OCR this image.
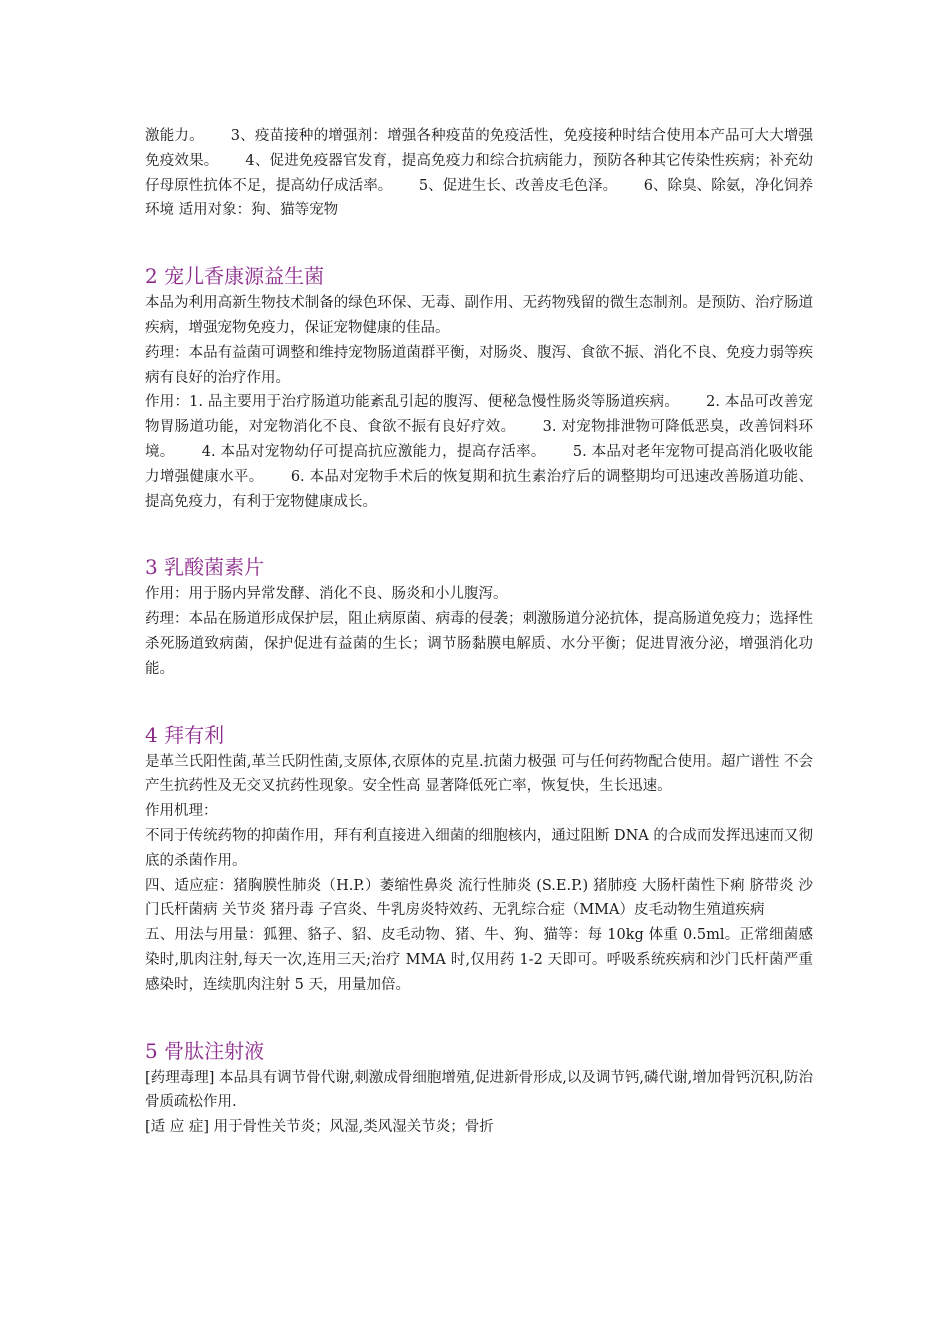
激能力。　　 3、疫苗接种的增强剂：增强各种疫苗的免疫活性，免疫接种时结合使用本产品可大大增强免疫效果。　　 4、促进免疫器官发育，提高免疫力和综合抗病能力，预防各种其它传染性疾病；补充幼仔母原性抗体不足，提高幼仔成活率。　　 5、促进生长、改善皮毛色泽。　　 6、除臭、除氨，净化饲养环境 适用对象：狗、猫等宠物

2 宠儿香康源益生菌

本品为利用高新生物技术制备的绿色环保、无毒、副作用、无药物残留的微生态制剂。是预防、治疗肠道疾病，增强宠物免疫力，保证宠物健康的佳品。

药理：本品有益菌可调整和维持宠物肠道菌群平衡，对肠炎、腹泻、食欲不振、消化不良、免疫力弱等疾病有良好的治疗作用。

作用：1. 品主要用于治疗肠道功能紊乱引起的腹泻、便秘急慢性肠炎等肠道疾病。　　 2. 本品可改善宠物胃肠道功能，对宠物消化不良、食欲不振有良好疗效。　　 3. 对宠物排泄物可降低恶臭，改善饲料环境。　　 4. 本品对宠物幼仔可提高抗应激能力，提高存活率。　　 5. 本品对老年宠物可提高消化吸收能力增强健康水平。　　 6. 本品对宠物手术后的恢复期和抗生素治疗后的调整期均可迅速改善肠道功能、提高免疫力，有利于宠物健康成长。

3 乳酸菌素片

作用：用于肠内异常发酵、消化不良、肠炎和小儿腹泻。

药理：本品在肠道形成保护层，阻止病原菌、病毒的侵袭；刺激肠道分泌抗体，提高肠道免疫力；选择性杀死肠道致病菌，保护促进有益菌的生长；调节肠黏膜电解质、水分平衡；促进胃液分泌，增强消化功能。

4 拜有利

是革兰氏阳性菌,革兰氏阴性菌,支原体,衣原体的克星.抗菌力极强 可与任何药物配合使用。超广谱性 不会产生抗药性及无交叉抗药性现象。安全性高 显著降低死亡率，恢复快，生长迅速。

作用机理：

不同于传统药物的抑菌作用，拜有利直接进入细菌的细胞核内，通过阻断 DNA 的合成而发挥迅速而又彻底的杀菌作用。

四、适应症：猪胸膜性肺炎（H.P.）萎缩性鼻炎 流行性肺炎 (S.E.P.) 猪肺疫 大肠杆菌性下痢 脐带炎 沙门氏杆菌病 关节炎 猪丹毒 子宫炎、牛乳房炎特效药、无乳综合症（MMA）皮毛动物生殖道疾病

五、用法与用量：狐狸、貉子、貂、皮毛动物、猪、牛、狗、猫等：每 10kg 体重 0.5ml。正常细菌感染时,肌肉注射,每天一次,连用三天;治疗 MMA 时,仅用药 1-2 天即可。呼吸系统疾病和沙门氏杆菌严重感染时，连续肌肉注射 5 天，用量加倍。

5 骨肽注射液

[药理毒理] 本品具有调节骨代谢,刺激成骨细胞增殖,促进新骨形成,以及调节钙,磷代谢,增加骨钙沉积,防治骨质疏松作用.

[适 应 症] 用于骨性关节炎；风湿,类风湿关节炎；骨折
